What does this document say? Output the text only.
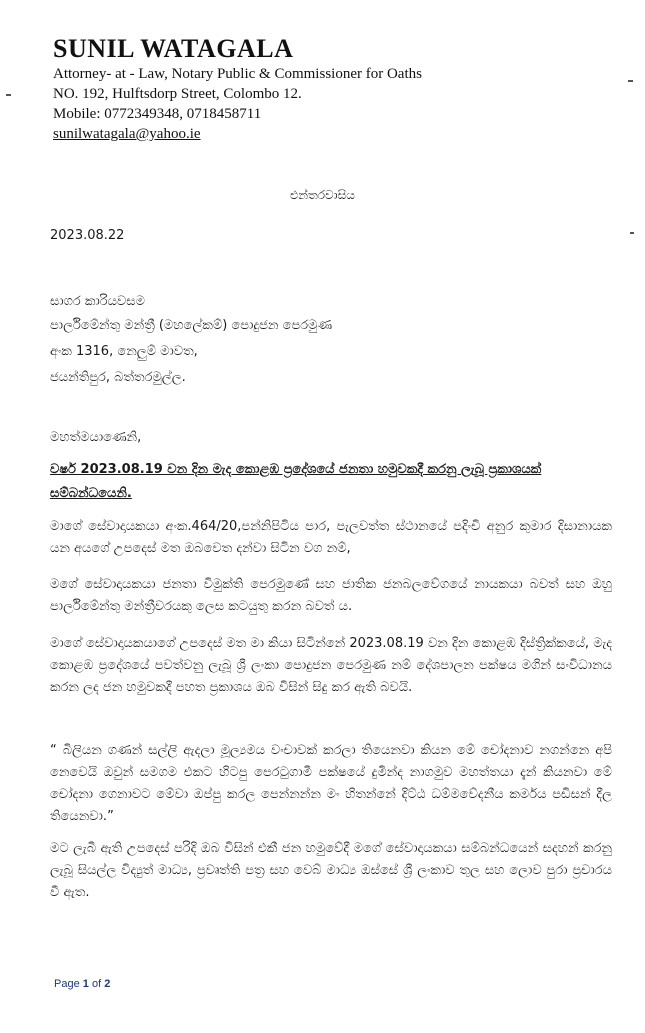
SUNIL WATAGALA
Attorney- at - Law, Notary Public & Commissioner for Oaths
NO. 192, Hulftsdorp Street, Colombo 12.
Mobile: 0772349348, 0718458711
sunilwatagala@yahoo.ie
එන්තරවාසිය
2023.08.22
සාගර කාරියවසම
පාර්ලිමේන්තු මන්ත්‍රී (මහලේකම්) පොදුජන පෙරමුණ
අංක 1316, නෙලුම් මාවත,
ජයන්තිපුර, බත්තරමුල්ල.
මහත්මයාණෙනි,
වර්ෂ 2023.08.19 වන දින මැද කොළඹ ප්‍රදේශයේ ජනතා හමුවකදී කරනු ලැබූ ප්‍රකාශයක් සම්බන්ධයෙනි.

මාගේ සේවාදායකයා අංක.464/20,පන්නිපිටිය පාර, පැලවත්ත ස්ථානයේ පදිංචි අනුර කුමාර දිසානායක යන අයගේ උපදෙස් මත ඔබවෙත දන්වා සිටින වග නම්,

මගේ සේවාදායකයා ජනතා විමුක්ති පෙරමුණේ සහ ජාතික ජනබලවේගයේ නායකයා බවත් සහ ඔහු පාර්ලිමේන්තු මන්ත්‍රීවරයකු ලෙස කටයුතු කරන බවත් ය.

මාගේ සේවාදායකයාගේ උපදෙස් මත මා කියා සිටින්නේ 2023.08.19 වන දින කොළඹ දිස්ත්‍රික්කයේ, මැද කොළඹ ප්‍රදේශයේ පවත්වනු ලැබූ ශ්‍රී ලංකා පොදුජන පෙරමුණ නම් දේශපාලන පක්ෂය මගින් සංවිධානය කරන ලද ජන හමුවකදී පහත ප්‍රකාශය ඔබ විසින් සිදු කර ඇති බවයි.

“ බිලියන ගණන් සල්ලි ඇදලා මූල්‍යමය වංචාවක් කරලා තියෙනවා කියන මේ චෝදනාව නගන්නෙ අපි නෙවෙයි ඔවුන් සමගම එකට හිටපු පෙරටුගාමී පක්ෂයේ දුමින්ද නාගමුව මහත්තයා දැන් කියනවා මේ චෝදනා ගෙනාවට මේවා ඔප්පු කරල පෙන්නන්න මං හිතන්නේ දිට්ඨ ධම්මවේදනීය කර්මය පඩිසන් දීල තියෙනවා.”

මට ලැබී ඇති උපදෙස් පරිදි ඔබ විසින් එකී ජන හමුවේදී මගේ සේවාදායකයා සම්බන්ධයෙන් සදහන් කරනු ලැබූ සියල්ල විද්‍යුත් මාධ්‍ය, ප්‍රවෘත්ති පත්‍ර සහ වෙබ් මාධ්‍ය ඔස්සේ ශ්‍රී ලංකාව තුල සහ ලොව පුරා ප්‍රචාරය වී ඇත.

Page 1 of 2
